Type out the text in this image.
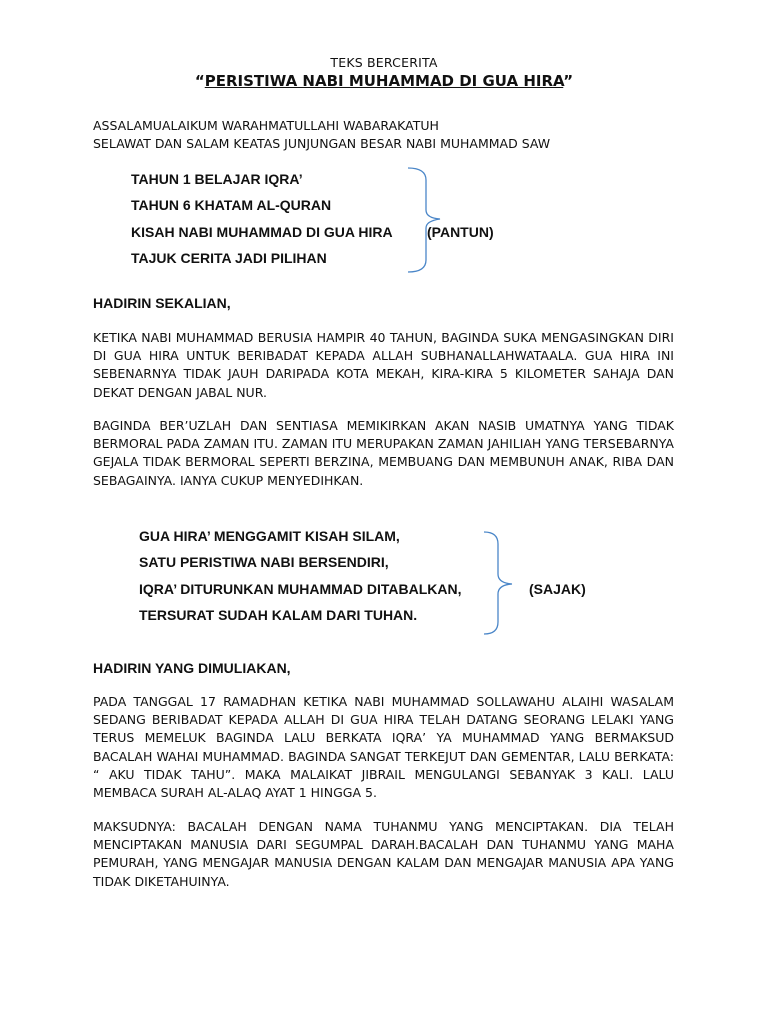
TEKS BERCERITA
“PERISTIWA NABI MUHAMMAD DI GUA HIRA”
ASSALAMUALAIKUM WARAHMATULLAHI WABARAKATUH
SELAWAT DAN SALAM KEATAS JUNJUNGAN BESAR NABI MUHAMMAD SAW
TAHUN 1 BELAJAR IQRA’
TAHUN 6 KHATAM AL-QURAN
KISAH NABI MUHAMMAD DI GUA HIRA
TAJUK CERITA JADI PILIHAN
(PANTUN)
HADIRIN SEKALIAN,

KETIKA NABI MUHAMMAD BERUSIA HAMPIR 40 TAHUN, BAGINDA SUKA MENGASINGKAN DIRI DI GUA HIRA UNTUK BERIBADAT KEPADA ALLAH SUBHANALLAHWATAALA. GUA HIRA INI SEBENARNYA TIDAK JAUH DARIPADA KOTA MEKAH, KIRA-KIRA 5 KILOMETER SAHAJA DAN DEKAT DENGAN JABAL NUR.

BAGINDA BER’UZLAH DAN SENTIASA MEMIKIRKAN AKAN NASIB UMATNYA YANG TIDAK BERMORAL PADA ZAMAN ITU. ZAMAN ITU MERUPAKAN ZAMAN JAHILIAH YANG TERSEBARNYA GEJALA TIDAK BERMORAL SEPERTI BERZINA, MEMBUANG DAN MEMBUNUH ANAK, RIBA DAN SEBAGAINYA. IANYA CUKUP MENYEDIHKAN.

GUA HIRA’ MENGGAMIT KISAH SILAM,
SATU PERISTIWA NABI BERSENDIRI,
IQRA’ DITURUNKAN MUHAMMAD DITABALKAN,
TERSURAT SUDAH KALAM DARI TUHAN.
(SAJAK)
HADIRIN YANG DIMULIAKAN,

PADA TANGGAL 17 RAMADHAN KETIKA NABI MUHAMMAD SOLLAWAHU ALAIHI WASALAM SEDANG BERIBADAT KEPADA ALLAH DI GUA HIRA TELAH DATANG SEORANG LELAKI YANG TERUS MEMELUK BAGINDA LALU BERKATA IQRA’ YA MUHAMMAD YANG BERMAKSUD BACALAH WAHAI MUHAMMAD. BAGINDA SANGAT TERKEJUT DAN GEMENTAR, LALU BERKATA: “ AKU TIDAK TAHU”. MAKA MALAIKAT JIBRAIL MENGULANGI SEBANYAK 3 KALI. LALU MEMBACA SURAH AL-ALAQ AYAT 1 HINGGA 5.

MAKSUDNYA: BACALAH DENGAN NAMA TUHANMU YANG MENCIPTAKAN. DIA TELAH MENCIPTAKAN MANUSIA DARI SEGUMPAL DARAH.BACALAH DAN TUHANMU YANG MAHA PEMURAH, YANG MENGAJAR MANUSIA DENGAN KALAM DAN MENGAJAR MANUSIA APA YANG TIDAK DIKETAHUINYA.
